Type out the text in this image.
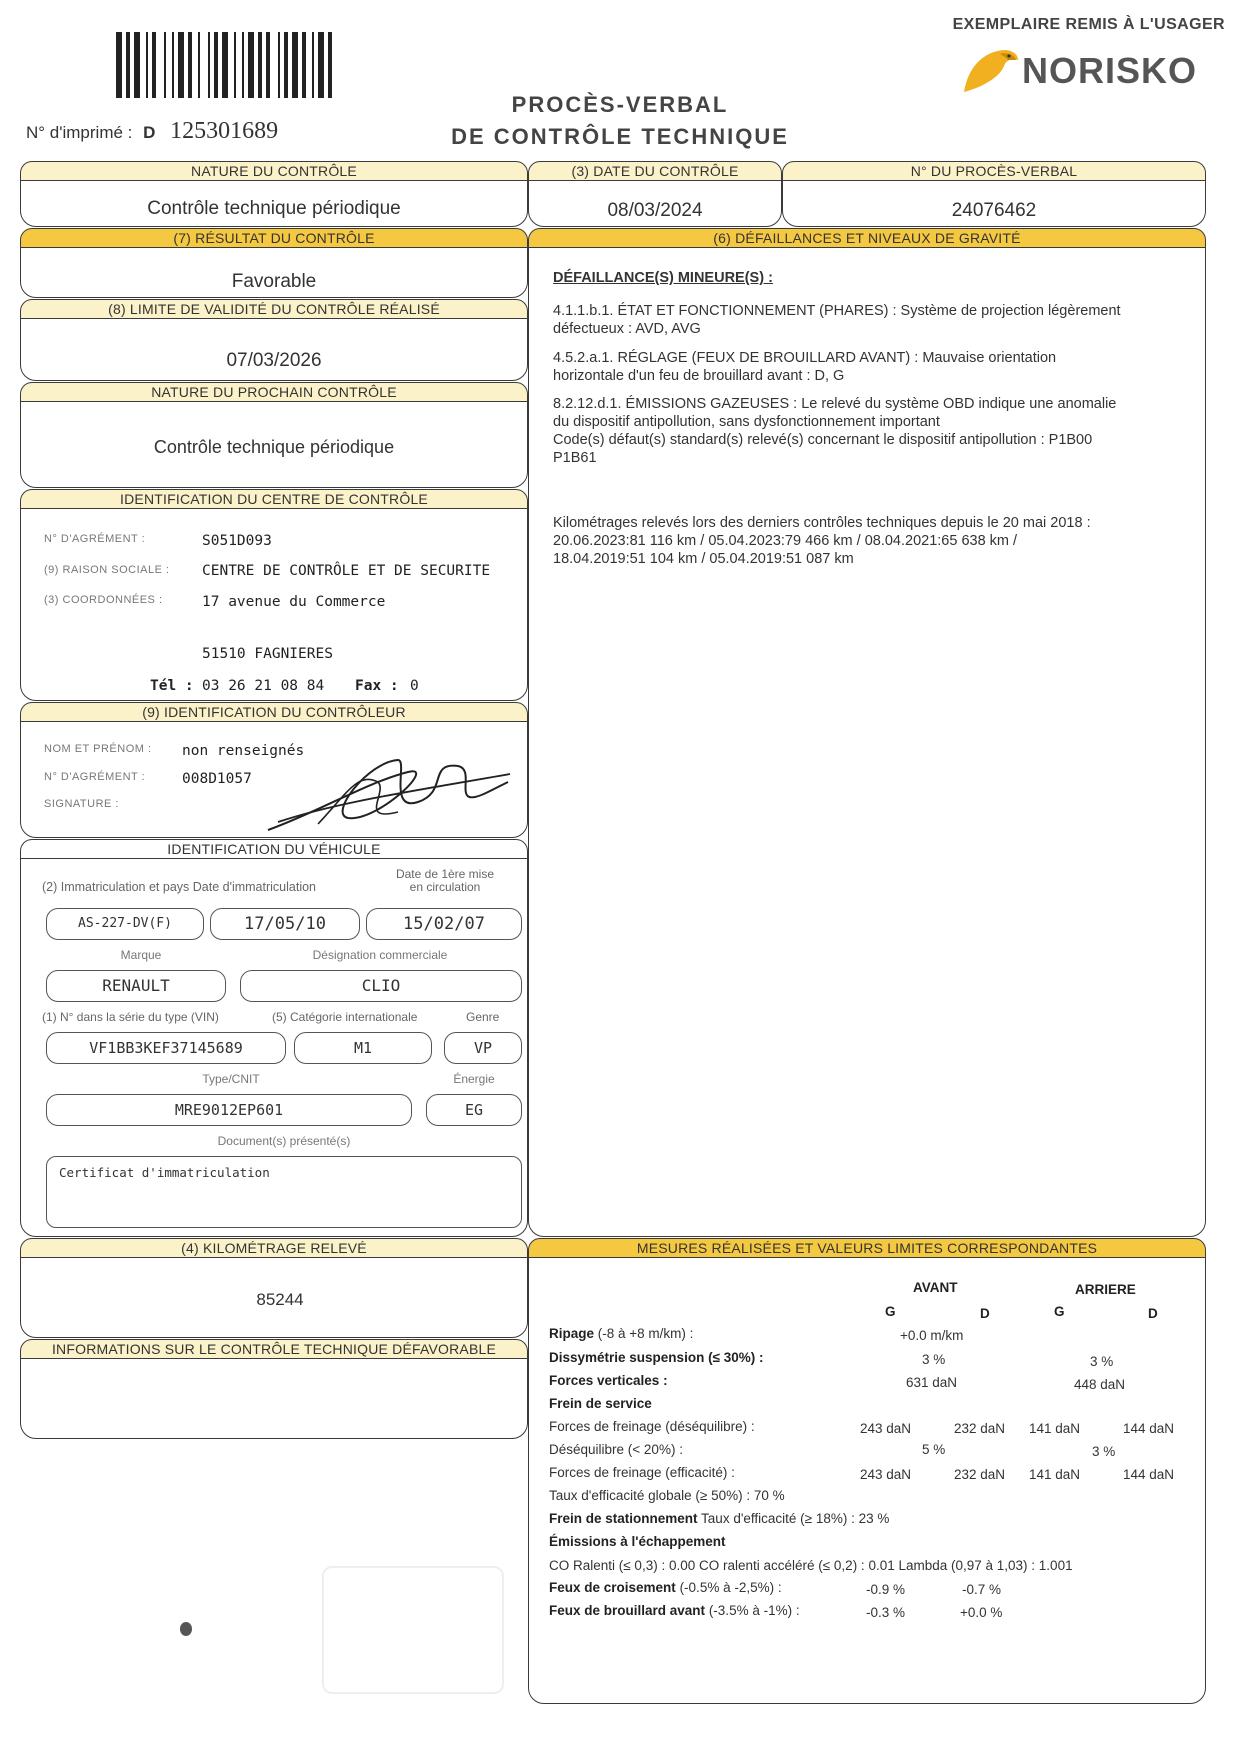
EXEMPLAIRE REMIS À L'USAGER
NORISKO
N° d'imprimé : D 125301689
PROCÈS-VERBAL
DE CONTRÔLE TECHNIQUE
NATURE DU CONTRÔLE
Contrôle technique périodique
(3) DATE DU CONTRÔLE
08/03/2024
N° DU PROCÈS-VERBAL
24076462
(7) RÉSULTAT DU CONTRÔLE
Favorable
(8) LIMITE DE VALIDITÉ DU CONTRÔLE RÉALISÉ
07/03/2026
NATURE DU PROCHAIN CONTRÔLE
Contrôle technique périodique
IDENTIFICATION DU CENTRE DE CONTRÔLE
N° D'AGRÉMENT :	S051D093
(9) RAISON SOCIALE : CENTRE DE CONTRÔLE ET DE SECURITE
(3) COORDONNÉES :	17 avenue du Commerce
51510 FAGNIERES
Tél : 03 26 21 08 84 Fax : 0
(9) IDENTIFICATION DU CONTRÔLEUR
NOM ET PRÉNOM : non renseignés
N° D'AGRÉMENT :	008D1057
SIGNATURE :
IDENTIFICATION DU VÉHICULE
(2) Immatriculation et pays Date d'immatriculation
Date de 1ère mise
en circulation
AS-227-DV(F)	17/05/10	15/02/07
Marque	Désignation commerciale
RENAULT	CLIO
(1) N° dans la série du type (VIN)	(5) Catégorie internationale	Genre
VF1BB3KEF37145689	M1	VP
Type/CNIT	Énergie
MRE9012EP601	EG
Document(s) présenté(s)
Certificat d'immatriculation
(4) KILOMÉTRAGE RELEVÉ
85244
INFORMATIONS SUR LE CONTRÔLE TECHNIQUE DÉFAVORABLE
(6) DÉFAILLANCES ET NIVEAUX DE GRAVITÉ
DÉFAILLANCE(S) MINEURE(S) :
4.1.1.b.1. ÉTAT ET FONCTIONNEMENT (PHARES) : Système de projection légèrement
défectueux : AVD, AVG
4.5.2.a.1. RÉGLAGE (FEUX DE BROUILLARD AVANT) : Mauvaise orientation
horizontale d'un feu de brouillard avant : D, G
8.2.12.d.1. ÉMISSIONS GAZEUSES : Le relevé du système OBD indique une anomalie
du dispositif antipollution, sans dysfonctionnement important
Code(s) défaut(s) standard(s) relevé(s) concernant le dispositif antipollution : P1B00
P1B61
Kilométrages relevés lors des derniers contrôles techniques depuis le 20 mai 2018 :
20.06.2023:81 116 km / 05.04.2023:79 466 km / 08.04.2021:65 638 km /
18.04.2019:51 104 km / 05.04.2019:51 087 km
MESURES RÉALISÉES ET VALEURS LIMITES CORRESPONDANTES
AVANT	ARRIERE
G	D	G	D
Ripage (-8 à +8 m/km) :	+0.0 m/km
Dissymétrie suspension (≤ 30%) :	3 %	3 %
Forces verticales :	631 daN	448 daN
Frein de service
Forces de freinage (déséquilibre) :	243 daN	232 daN 141 daN	144 daN
Déséquilibre (< 20%) :	5 %	3 %
Forces de freinage (efficacité) :	243 daN	232 daN 141 daN	144 daN
Taux d'efficacité globale (≥ 50%) : 70 %
Frein de stationnement Taux d'efficacité (≥ 18%) : 23 %
Émissions à l'échappement
CO Ralenti (≤ 0,3) : 0.00 CO ralenti accéléré (≤ 0,2) : 0.01 Lambda (0,97 à 1,03) : 1.001
Feux de croisement (-0.5% à -2,5%) :	-0.9 %	-0.7 %
Feux de brouillard avant (-3.5% à -1%) :	-0.3 %	+0.0 %
